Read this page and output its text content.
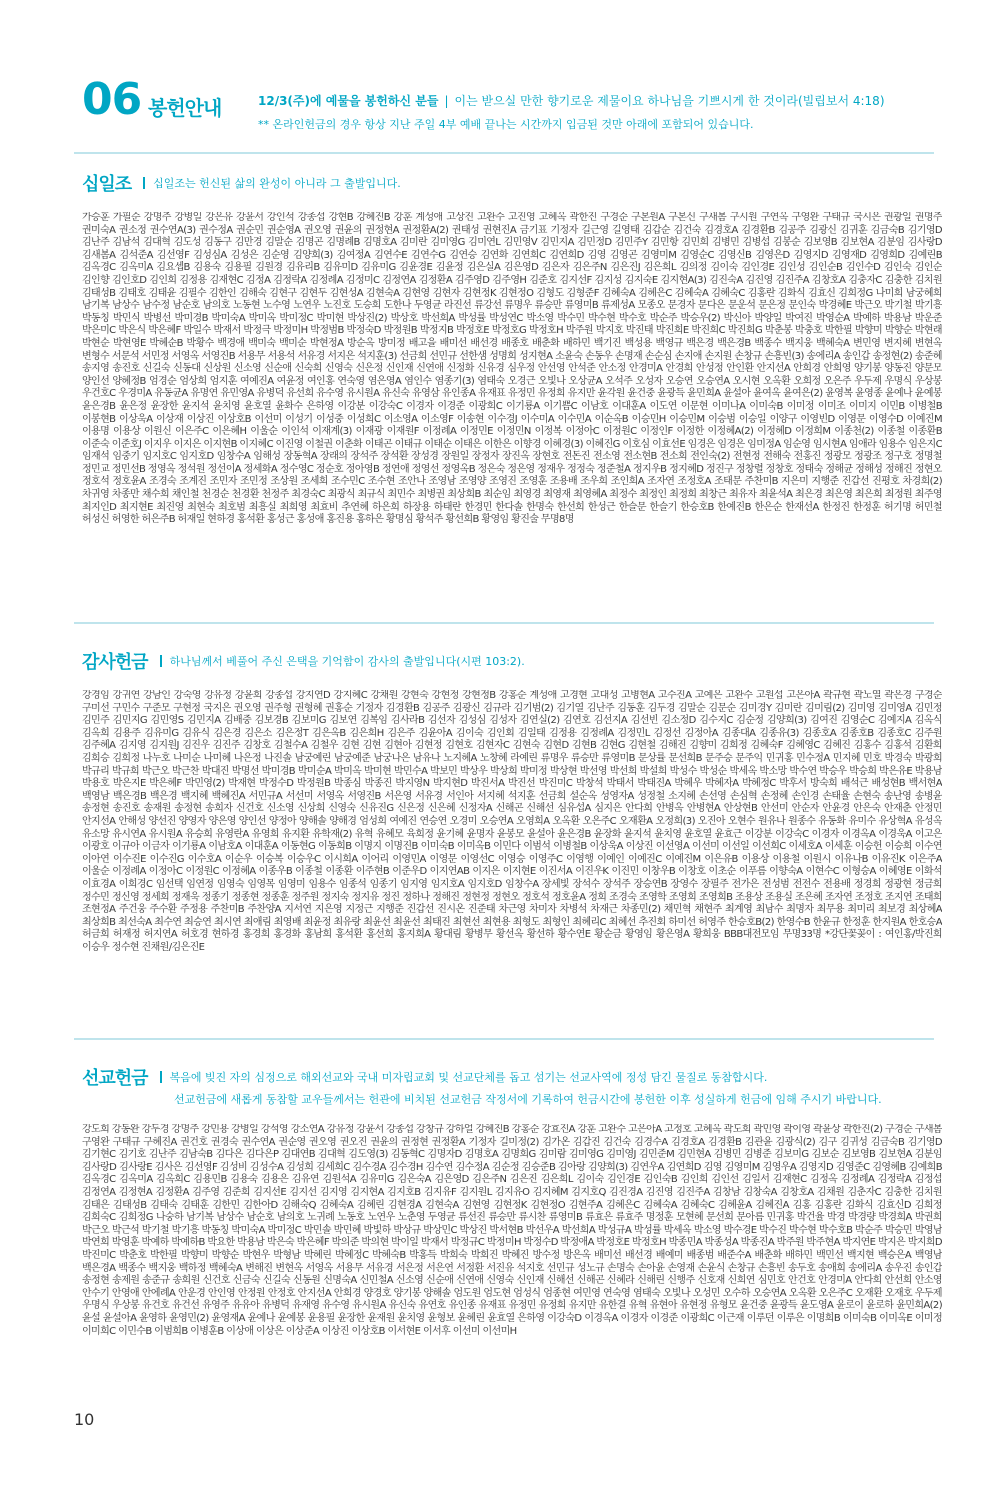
06 봉헌안내	12/3(주)에 예물을 봉헌하신 분들 | 이는 받으실 만한 향기로운 제물이요 하나님을 기쁘시게 한 것이라(빌립보서 4:18)
** 온라인헌금의 경우 항상 지난 주일 4부 예배 끝나는 시간까지 입금된 것만 아래에 포함되어 있습니다.
십일조 십일조는 헌신된 삶의 완성이 아니라 그 출발입니다.
가승훈 가필순 강명주 강병일 강은유 강윤서 강인석 강종섭 강현B 강혜진B 강훈 계성애 고상진 고완수 고진영 고혜옥 곽한진 구경순 구본원A 구본신 구새봄 구시원 구연옥 구영완 구태규 국시은 권광일 권명주 권미숙A 권소정 권수연A(3) 권수정A 권순민 권순영A 권오영 권윤의 권정현A 권정환A(2) 권태성 권현진A 금기표 기정자 길근영 길영태 김갑순 김건숙 김경호A 김경환B 김공주 김광신 김귀훈 김금숙B 김기영D 김난주 김남석 김대혁 김도성 김동구 김만경 김말순 김명곤 김명례B 김명호A 김미란 김미영G 김미연L 김민영V 김민지A 김민정D 김민주Y 김민항 김민희 김병민 김병섭 김봉순 김보영B 김보현A 김분임 김사랑D 김새봄A 김석준A 김선영F 김성심A 김성은 김순영 김양희(3) 김여정A 김연수E 김연수G 김연승 김연화 김연희C 김연희D 김영 김영곤 김영미M 김영순C 김영신B 김영은D 김영지D 김영재D 김영희D 김예린B 김옥경C 김옥미A 김요셉B 김용숙 김용필 김원경 김유리B 김유미D 김유미G 김윤경E 김윤정 김은실A 김은영D 김은자 김은주N 김은진J 김은희L 김의정 김이숙 김인경E 김인성 김인순B 김인수D 김인숙 김인순 김인향 김인호D 김인희 김정용 김재현C 김정A 김정락A 김정례A 김정미C 김정연A 김정환A 김주영D 김주영H 김준호 김지선F 김지성 김지숙E 김지현A(3) 김진숙A 김진영 김진주A 김창호A 김충자C 김충한 김치원 김태성B 김태호 김태윤 김필수 김한인 김해숙 김현구 김현두 김현성A 김현숙A 김현영 김현자 김현정K 김현정O 김형도 김형준F 김혜숙A 김혜은C 김혜숙A 김혜숙C 김홍란 김화식 김효신 김희정G 나미희 남궁혜희 남기복 남상수 남수정 남순호 남의호 노동현 노수영 노연우 노진호 도승희 도한나 두영균 라진선 류강선 류명우 류승만 류영미B 류제성A 모종오 문경자 문다은 문운석 문은정 문인숙 박경혜E 박근오 박기철 박기흥 박동칭 박민식 박병선 박미경B 박미숙A 박미옥 박미정C 박미현 박상진(2) 박상호 박선희A 박성률 박성연C 박소영 박수민 박수현 박수호 박순주 박승우(2) 박신아 박양일 박여진 박영순A 박예하 박용남 박운준 박은미C 박은식 박은혜F 박일수 박재서 박정극 박정미H 박정범B 박정숙D 박정원B 박정지B 박정호E 박정호G 박정호H 박주원 박지호 박진태 박진희E 박진희C 박진희G 박춘봉 박충호 박한필 박향미 박향순 박현래 박현순 박현영E 박혜순B 박황수 백경애 백미숙 백미순 박현정A 방순옥 방미정 배고을 배미선 배선경 배종호 배춘화 배하민 백기진 백성용 백영규 백은경 백은경B 백종수 백지웅 백혜숙A 변민영 변지혜 변현옥 변형수 서문석 서민정 서영옥 서영진B 서용무 서용석 서유경 서지은 석지훈(3) 선금희 선민규 선한샘 성명희 성지현A 소윤숙 손동우 손명재 손순심 손지애 손지원 손창규 손흥빈(3) 송에리A 송인갑 송정현(2) 송준혜 송지영 송진호 신길숙 신동대 신상원 신소영 신순애 신숙희 신영숙 신은정 신인재 신연애 신정화 신유경 심우정 안선영 안석준 안소정 안경미A 안경희 안성정 안인환 안지선A 안희경 안희영 양기봉 양동진 양문모 양인선 양혜정B 엄경순 엄상희 엄지훈 여예진A 여윤정 여인홍 연숙영 염은영A 염인수 염종기(3) 염태숙 오경근 오빛나 오상균A 오석주 오성자 오승연 오승연A 오시현 오옥환 오희정 오은주 우두제 우명식 우상봉 우건호C 우경미A 유동균A 유명연 유민영A 유병덕 유선희 유수영 유시원A 유신숙 유영삼 유인종A 유재표 유정민 유정희 유지만 윤각원 윤건중 윤광득 윤민희A 윤설아 윤여옥 윤여은(2) 윤영복 윤영종 윤예나 윤예봉 윤은경B 윤은정 윤장한 윤지석 윤치영 윤호열 윤화수 은하영 이강분 이강숙C 이경자 이경준 이광희C 이기룡A 이기쁨C 이남호 이대훈A 이도연 이문현 이미나A 이미숙B 이미정 이미조 이미지 이민B 이병철B 이봉현B 이상욱A 이상재 이상진 이상호B 이선미 이성기 이성중 이성희C 이소영A 이소영F 이송현 이수경J 이수미A 이수민A 이순옥B 이승민H 이승민M 이승범 이승일 이양구 이영빈D 이영문 이영수D 이예진M 이용명 이용상 이원신 이은주C 이은혜H 이울순 이인석 이재계(3) 이재광 이재원F 이정례A 이정민E 이정민N 이정복 이정아C 이정원C 이정인F 이정한 이정혜A(2) 이정혜D 이정희M 이종천(2) 이종철 이종환B 이준숙 이준호J 이지우 이지은 이지현B 이지혜C 이진영 이철권 이춘화 이태곤 이태규 이태순 이태은 이한은 이향경 이혜경(3) 이혜진G 이호심 이효선E 임경은 임경은 임미정A 임순영 임시현A 임애라 임용수 임은지C 임재석 임중기 임지호C 임지호D 임창수A 임해성 장동혁A 장래의 장석주 장석환 장성경 장원일 장정자 장진옥 장현호 전돈진 전소영 전소현B 전소희 전인숙(2) 전현정 전해숙 전홍진 정광모 정광조 정구호 정명철 정민교 정민선B 정영옥 정석원 정선이A 정세화A 정수영C 정순호 정아영B 정연애 정영선 정영옥B 정은숙 정은영 정재우 정정숙 정준철A 정지우B 정지혜D 정진구 정창렬 정창호 정태숙 정해균 정해성 정해진 정현오 정호석 정호윤A 조경숙 조계진 조민자 조민정 조상원 조세희 조수민C 조수현 조안나 조영남 조영양 조영진 조영훈 조용배 조우희 조인희A 조자연 조정호A 조태문 주찬미B 지은미 지행준 진갑선 진평호 차경희(2) 차귀영 차종만 채수희 채인철 천경순 천경환 천정주 최경숙C 최광식 최규식 최민수 최병권 최상희B 최순임 최영경 최영재 최영혜A 최정수 최정인 최정희 최창근 최유자 최윤석A 최은경 최은영 최은희 최정원 최주영 최지인D 최지현E 최진영 최현숙 최호범 최흥실 최희영 최효비 추연혜 하은희 하장용 하태란 한경민 한다솔 한명숙 한선희 한성근 한슬문 한슬기 한승호B 한예진B 한은순 한재선A 한정진 한정훈 허기명 허민철 허성신 허영한 허은주B 허재일 현하경 홍석환 홍성근 홍성애 홍진용 홍하은 황명심 황석주 황선희B 황영임 황진술 무명8명
감사헌금 하나님께서 베풀어 주신 은택을 기억함이 감사의 출발입니다(시편 103:2).
강경임 강귀연 강남인 강숙영 강유정 강윤희 강종섭 강지연D 강지혜C 강채원 강현숙 강현정 강현정B 강홍순 계성애 고경현 고대성 고병현A 고수진A 고예은 고완수 고원섭 고은아A 곽규현 곽노열 곽은경 구경순 구미선 구민수 구준모 구현정 국지은 권오영 권주형 권형혜 권홍순 기정자 김경환B 김공주 김광신 김규라 김기범(2) 김기열 김난주 김동훈 김두경 김말순 김문순 김미경Y 김미란 김미림(2) 김미영 김미영A 김민정 김민주 김민지G 김민영S 김민지A 김배중 김보경B 김보미G 김보연 김복임 김사라B 김선자 김성심 김성자 김연실(2) 김연호 김선지A 김선빈 김소정D 김수지C 김순정 김양희(3) 김여진 김영순C 김예지A 김옥식 김옥희 김용주 김유미G 김유식 김은경 김은소 김은정T 김은옥B 김은희H 김은주 김윤아A 김이숙 김인회 김일태 김정용 김정례A 김정민L 김정선 김정아A 김종대A 김종유(3) 김종호A 김종호B 김종호C 김주원 김주혜A 김지영 김지원J 김진우 김진주 김창호 김철수A 김철우 김현 김현 김현아 김현정 김현호 김현자C 김현숙 김현D 김현B 김현G 김현철 김해진 김향미 김희정 김혜숙F 김혜영C 김혜진 김홍수 김홍석 김환희 김희승 김희정 나누호 나미순 나미혜 나은정 나진솔 남궁예린 남궁예준 남궁나은 남유나 노지혜A 노창혜 라예린 류명우 류승만 류영미B 문상률 문선희B 문주승 문주익 민귀홍 민수정A 민지혜 민호 박경숙 박광희 박규리 박규희 박근오 박근찬 박대진 박명선 박미경B 박미순A 박미옥 박미현 박민수A 박보민 박상우 박상희 박미정 박상현 박선영 박선희 박설희 박성수 박성순 박세옥 박소망 박수연 박승우 박승희 박은유E 박용남 박용호 박은지E 박은혜F 박민영(2) 박재현 박정수D 박정원B 박종심 박종진 박지영N 박지현D 박진서A 박진선 박진미C 박창석 박태서 박태진A 박혜우 박혜자A 박혜정C 박후서 방숙희 배석근 배성현B 백서현A 백영남 백은경B 백은경 백지혜 백혜진A 서민규A 서선미 서영옥 서영진B 서은영 서유경 서인아 서지혜 석지훈 선금희 설순옥 성영자A 성정철 소지혜 손선영 손심혁 손정혜 손인경 손태율 손현숙 송난영 송병윤 송정현 송진호 송재원 송정현 송희자 신건호 신소영 신상희 신영숙 신유진G 신은정 신은혜 신정자A 신해곤 신해선 심유섭A 심지은 안다희 안병옥 안병현A 안상현B 안선미 안순자 안윤경 안은숙 안재춘 안정민 안지선A 안해성 양선진 양영자 양은영 양인선 양정아 양해솔 양해경 엄성희 여예진 연승연 오경미 오승연A 오영희A 오옥환 오은주C 오재환A 오정희(3) 오진아 오현수 원유나 원종수 유동화 유미수 유상혁A 유성옥 유소망 유시연A 유시원A 유승희 유영란A 유영희 유지환 유학재(2) 유혁 유혜모 육희정 윤기혜 윤명자 윤봉모 윤설아 윤은경B 윤장화 윤지석 윤치영 윤호열 윤효근 이강분 이강숙C 이경자 이경옥A 이경욱A 이고은 이광호 이규아 이금자 이기룡A 이남호A 이대훈A 이동현G 이동희B 이명지 이명진B 이미숙B 이미옥B 이민다 이범석 이병철B 이상욱A 이상진 이선영A 이선미 이선일 이선희C 이세호A 이세훈 이승헌 이승희 이수연 이아연 이수진E 이수진G 이수호A 이순우 이승복 이승우C 이시희A 이어리 이영민A 이영문 이영선C 이영승 이영주C 이영행 이예인 이예진C 이예진M 이은유B 이용상 이용철 이원시 이유나B 이유진K 이은주A 이울순 이정례A 이정아C 이정원C 이정혜A 이종우B 이종철 이종환 이주현B 이준우D 이지연AB 이지은 이지현E 이진서A 이진우K 이진민 이창우B 이창호 이초순 이푸름 이향숙A 이현수C 이형승A 이혜영E 이화석 이효경A 이희경C 임선택 임연정 임영숙 임영목 임영미 임용수 임종석 임종기 임지영 임지호A 임지호D 임창수A 장세빛 장석수 장석주 장승연B 장영수 장필주 전가은 전성범 전전수 전용배 정경희 정광현 정금희 정수민 정신영 정세희 정재욱 정종기 정종현 정종훈 정주원 정지숙 정지유 정진 정하나 정해진 정현정 정현오 정호석 정호윤A 정희 조경숙 조영학 조영희 조영희B 조용상 조용실 조은혜 조자연 조정호 조지연 조태희 조현정A 주건웅 주수환 주정용 주찬미B 주찬양A 지서연 지은영 지정근 지행준 진갑선 진시온 진준태 차근영 차미자 차병석 차재근 차종민(2) 채민혁 채현주 최계영 최남수 최명자 최무용 최미리 최보경 최상혜A 최상희B 최선숙A 최수연 최승연 최시연 최애림 최영배 최윤정 최유랑 최윤선 최윤선 최태진 최현선 최현용 최형도 최형인 최혜리C 최혜선 추진회 하미선 허영주 한승호B(2) 한영수B 한윤규 한정훈 한지원A 한호승A 허금희 허재정 허지연A 허호경 현하경 홍경희 홍경화 홍남희 홍석환 홍선희 홍지희A 황대림 황병무 황선옥 황선하 황수연E 황순금 황영임 황은영A 황희웅 BBB대전모임 무명33명 *강단꽃꽂이 : 여인홍/박진희 이승우 정수현 진채원/김은진E
선교헌금 복음에 빚진 자의 심정으로 해외선교와 국내 미자립교회 및 선교단체를 돕고 섬기는 선교사역에 정성 담긴 물질로 동참합시다.
선교헌금에 새롭게 동참할 교우들께서는 헌관에 비치된 선교헌금 작정서에 기록하여 헌금시간에 봉헌한 이후 성실하게 헌금에 임해 주시기 바랍니다.
강도희 강동완 강두경 강명주 강민용 강병일 강석영 강소연A 강유정 강윤서 강종섭 강창규 강하얼 강혜진B 강홍순 강효진A 강훈 고완수 고은아A 고정호 고혜옥 곽도희 곽민영 곽이영 곽윤상 곽한진(2) 구경순 구새봄 구영완 구태규 구혜진A 권건호 권경숙 권수연A 권순영 권오영 권오진 권윤의 권정현 권정환A 기정자 길미정(2) 김가온 김갑진 김건숙 김경수A 김경호A 김경환B 김관윤 김광식(2) 김구 김귀성 김금숙B 김기영D 김기현C 김기호 김난주 김남숙B 김다은 김다은P 김대연B 김대혁 김도영(3) 김동혁C 김명자D 김명호A 김명희G 김미람 김미영G 김미영J 김민준M 김민현A 김병민 김병준 김보미G 김보순 김보영B 김보현A 김분임 김사랑D 김사랑E 김사은 김선영F 김성비 김성수A 김성희 김세희C 김수경A 김수경H 김수연 김수정A 김순정 김승준B 김아랑 김양희(3) 김연우A 김연희D 김영 김영미M 김영우A 김영지D 김영준C 김영혜B 김예희B 김옥경C 김옥미A 김옥희C 김용민B 김용숙 김용은 김유연 김원석A 김유미G 김은숙A 김은영D 김은주N 김은진 김은희L 김이숙 김인경E 김인숙B 김인희 김인선 김일서 김재현C 김정옥 김정례A 김정락A 김정섭 김정연A 김정현A 김정환A 김주영 김준희 김지선E 김지선 김지영 김지현A 김지호B 김지유F 김지원L 김지유O 김지혜M 김지호Q 김진경A 김진영 김진주A 김창남 김창숙A 김창호A 김채원 김춘자C 김충한 김치원 김태은 김태성B 김태숙 김태훈 김한민 김한아D 김해숙Q 김혜숙A 김혜린 김현경A 김현숙A 김현영 김현정K 김현정O 김현주A 김혜은C 김혜숙A 김혜숙C 김혜윤A 김혜진A 김홍 김홍란 김화식 김효신D 김희정 김희숙C 김희정G 나숭하 남기복 남상수 남순호 남의호 노귀례 노동호 노연우 노춘영 두영균 류선진 류승만 류시찬 류영미B 류효은 류효주 명정훈 모현혜 문선희 문아름 민귀홍 박건율 박경 박경량 박경희A 박권희 박근오 박근석 박기철 박기흥 박동칭 박미숙A 박미정C 박민솔 박민혜 박빛하 박상규 박상민C 박상진 박서현B 박선우A 박선희A 박성규A 박성률 박세옥 박소영 박수경E 박수진 박수현 박수호B 박순주 박승민 박영남 박연희 박영훈 박예하 박예하B 박요한 박용남 박은숙 박은혜F 박의준 박의현 박이일 박재서 박정규C 박정미H 박정수D 박정애A 박정호E 박정호H 박종민A 박종성A 박종진A 박주원 박주현A 박지연E 박지은 박지희D 박진미C 박춘호 박한필 박향미 박향순 박현우 박형남 박혜린 박혜정C 박혜숙B 박홍득 박희숙 박희진 박혜진 방수정 방은옥 배미선 배선경 배예미 배종범 배준수A 배춘화 배하민 백민선 백지현 백승은A 백영남 백은경A 백종수 백지웅 백하정 백혜숙A 변해진 변현옥 서영옥 서용무 서유경 서은정 서은연 서정환 서진유 석지호 선민규 성노규 손명숙 손아윤 손영재 손윤식 손창규 손흥빈 송두호 송애희 송에리A 송우진 송인갑 송정현 송제원 송준규 송희원 신건호 신금숙 신길숙 신동원 신명숙A 신민철A 신소영 신순애 신연애 신영숙 신인재 신해선 신해곤 신혜라 신해린 신행주 신호재 신희연 심민호 안건호 안경미A 안다희 안선희 안소영 안수기 안영애 안에례A 안운경 안인영 안정원 안정호 안지선A 안희경 양경호 양기봉 양해솔 엄도원 엄도현 엄성식 엄종현 여민영 연숙영 염태숙 오빛나 오성민 오수하 오승연A 오옥환 오은주C 오재환 오재호 우두제 우명식 우상봉 유건호 유건선 유영주 유유아 유병덕 유재영 유수영 유시원A 유신숙 유연호 유인종 유재표 유정민 유정희 유지만 유한결 유혁 유현아 유현정 유형모 윤건중 윤광득 윤도영A 윤로이 윤로하 윤민희A(2) 윤설 윤설아A 윤영하 윤영민(2) 윤영재A 윤예나 윤예봉 윤용필 윤장한 윤재원 윤치영 윤형보 윤혜린 윤효열 은하영 이강숙D 이경옥A 이경자 이경준 이광희C 이근재 이루던 이루은 이명희B 이미숙B 이미옥E 이미정 이미희C 이민수B 이범희B 이병훈B 이상애 이상은 이상준A 이상진 이상호B 이서현E 이서후 이선미 이선미H
10
